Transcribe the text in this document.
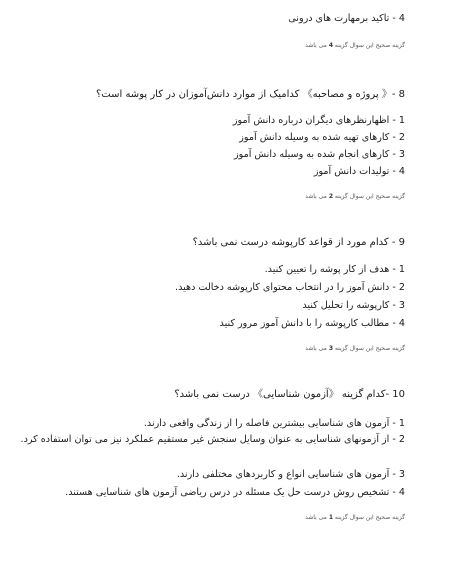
4 - تاکید برمهارت های درونی
گزینه صحیح این سوال گزینه 4 می باشد
8 -《 پروژه و مصاحبه》 کدامیک از موارد دانش‌آموزان در کار پوشه است؟
1 - اظهارنظرهای دیگران درباره دانش آموز
2 - کارهای تهیه شده به وسیله دانش آموز
3 - کارهای انجام شده به وسیله دانش آموز
4 - تولیدات دانش آموز
گزینه صحیح این سوال گزینه 2 می باشد
9 - کدام مورد از قواعد کارپوشه درست نمی باشد؟
1 - هدف از کار پوشه را تعیین کنید.
2 - دانش آموز را در انتخاب محتوای کارپوشه دخالت دهید.
3 - کارپوشه را تحلیل کنید
4 - مطالب کارپوشه را با دانش آموز مرور کنید
گزینه صحیح این سوال گزینه 3 می باشد
10 -کدام گزینه 《آزمون شناسایی》 درست نمی باشد؟
1 - آزمون های شناسایی بیشترین فاصله را از زندگی واقعی دارند.
2 - از آزمونهای شناسایی به عنوان وسایل سنجش غیر مستقیم عملکرد نیز می توان استفاده کرد.
3 - آزمون های شناسایی انواع و کاربردهای مختلفی دارند.
4 - تشخیص روش درست حل یک مسئله در درس ریاضی آزمون های شناسایی هستند.
گزینه صحیح این سوال گزینه 1 می باشد
